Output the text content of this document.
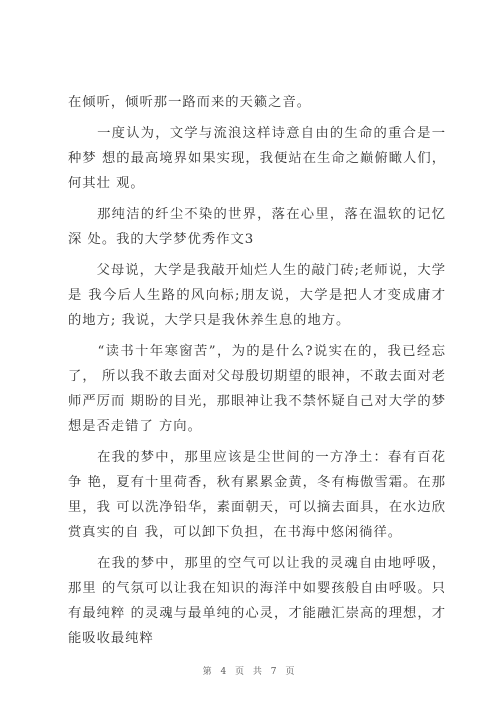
在倾听，倾听那一路而来的天籁之音。
　　一度认为，文学与流浪这样诗意自由的生命的重合是一种梦 想的最高境界如果实现，我便站在生命之巅俯瞰人们，何其壮 观。
　　那纯洁的纤尘不染的世界，落在心里，落在温软的记忆深 处。我的大学梦优秀作文3
　　父母说，大学是我敲开灿烂人生的敲门砖;老师说，大学是 我今后人生路的风向标;朋友说，大学是把人才变成庸才的地方; 我说，大学只是我休养生息的地方。
　　“读书十年寒窗苦”，为的是什么?说实在的，我已经忘了， 所以我不敢去面对父母殷切期望的眼神，不敢去面对老师严厉而 期盼的目光，那眼神让我不禁怀疑自己对大学的梦想是否走错了 方向。
　　在我的梦中，那里应该是尘世间的一方净土：春有百花争 艳，夏有十里荷香，秋有累累金黄，冬有梅傲雪霜。在那里，我 可以洗净铅华，素面朝天，可以摘去面具，在水边欣赏真实的自 我，可以卸下负担，在书海中悠闲徜徉。
　　在我的梦中，那里的空气可以让我的灵魂自由地呼吸，那里 的气氛可以让我在知识的海洋中如婴孩般自由呼吸。只有最纯粹 的灵魂与最单纯的心灵，才能融汇崇高的理想，才能吸收最纯粹
第 4 页 共 7 页
